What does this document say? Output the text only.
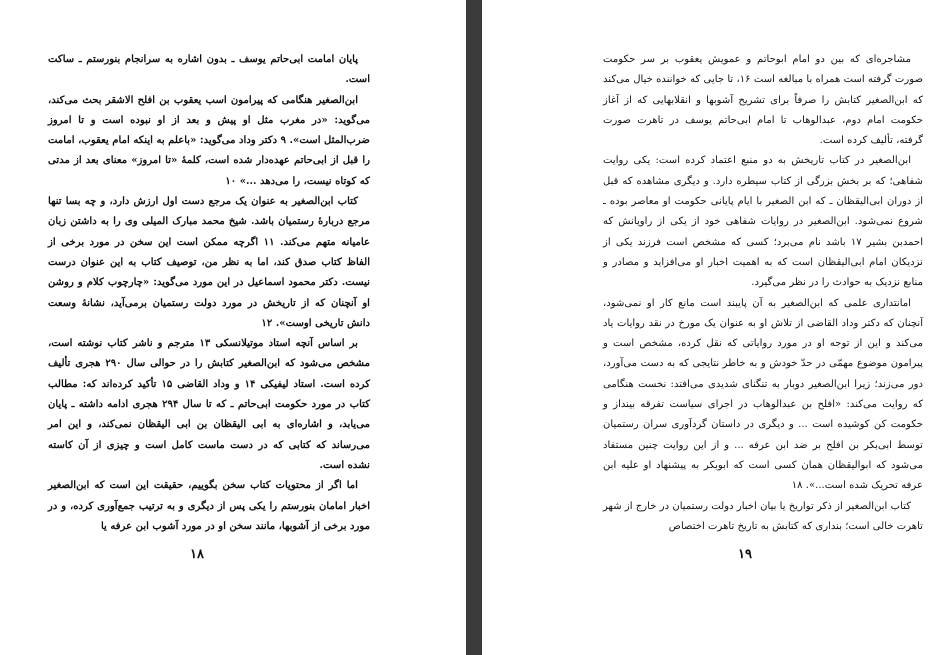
پایان امامت ابی‌حاتم یوسف ـ بدون اشاره به سرانجام بنورستم ـ ساکت است.

ابن‌الصغیر هنگامی که پیرامون اسب یعقوب بن افلح الاشقر بحث می‌کند، می‌گوید: «در مغرب مثل او پیش و بعد از او نبوده است و تا امروز ضرب‌المثل است». ۹ دکتر وداد می‌گوید: «باعلم به اینکه امام یعقوب، امامت را قبل از ابی‌حاتم عهده‌دار شده است، کلمهٔ «تا امروز» معنای بعد از مدتی که کوتاه نیست، را می‌دهد ...» ۱۰

کتاب ابن‌الصغیر به عنوان یک مرجع دست اول ارزش دارد، و چه بسا تنها مرجع دربارهٔ رستمیان باشد. شیخ محمد مبارک المیلی وی را به داشتن زبان عامیانه متهم می‌کند. ۱۱ اگرچه ممکن است این سخن در مورد برخی از الفاظ کتاب صدق کند، اما به نظر من، توصیف کتاب به این عنوان درست نیست. دکتر محمود اسماعیل در این مورد می‌گوید: «چارچوب کلام و روشن او آنچنان که از تاریخش در مورد دولت رستمیان برمی‌آید، نشانهٔ وسعت دانش تاریخی اوست». ۱۲

بر اساس آنچه استاد موتیلانسکی ۱۳ مترجم و ناشر کتاب نوشته است، مشخص می‌شود که ابن‌الصغیر کتابش را در حوالی سال ۲۹۰ هجری تألیف کرده است. استاد لیفیکی ۱۴ و وداد القاضی ۱۵ تأکید کرده‌اند که: مطالب کتاب در مورد حکومت ابی‌حاتم ـ که تا سال ۲۹۴ هجری ادامه داشته ـ پایان می‌یابد، و اشاره‌ای به ابی الیقظان بن ابی الیقظان نمی‌کند، و این امر می‌رساند که کتابی که در دست ماست کامل است و چیزی از آن کاسته نشده است.

اما اگر از محتویات کتاب سخن بگوییم، حقیقت این است که ابن‌الصغیر اخبار امامان بنورستم را یکی پس از دیگری و به ترتیب جمع‌آوری کرده، و در مورد برخی از آشوبها، مانند سخن او در مورد آشوب ابن عرفه یا

۱۸

مشاجره‌ای که بین دو امام ابوحاتم و عمویش یعقوب بر سر حکومت صورت گرفته است همراه با مبالغه است ۱۶، تا جایی که خواننده خیال می‌کند که ابن‌الصغیر کتابش را صرفاً برای تشریح آشوبها و انقلابهایی که از آغاز حکومت امام دوم، عبدالوهاب تا امام ابی‌حاتم یوسف در تاهرت صورت گرفته، تألیف کرده است.

ابن‌الصغیر در کتاب تاریخش به دو منبع اعتماد کرده است: یکی روایت شفاهی؛ که بر بخش بزرگی از کتاب سیطره دارد. و دیگری مشاهده که قبل از دوران ابی‌الیقظان ـ که ابن الصغیر با ایام پایانی حکومت او معاصر بوده ـ شروع نمی‌شود. ابن‌الصغیر در روایات شفاهی خود از یکی از راویانش که احمدبن بشیر ۱۷ باشد نام می‌برد؛ کسی که مشخص است فرزند یکی از نزدیکان امام ابی‌الیقظان است که به اهمیت اخبار او می‌افزاید و مصادر و منابع نزدیک به حوادث را در نظر می‌گیرد.

امانتداری علمی که ابن‌الصغیر به آن پایبند است مانع کار او نمی‌شود، آنچنان که دکتر وداد القاضی از تلاش او به عنوان یک مورخ در نقد روایات یاد می‌کند و این از توجه او در مورد روایاتی که نقل کرده، مشخص است و پیرامون موضوع مهمّی در حدّ خودش و به خاطر نتایجی که به دست می‌آورد، دور می‌زند؛ زیرا ابن‌الصغیر دوبار به تنگنای شدیدی می‌افتد: نخست هنگامی که روایت می‌کند: «افلح بن عبدالوهاب در اجرای سیاست تفرقه بینداز و حکومت کن کوشیده است ... و دیگری در داستان گردآوری سران رستمیان توسط ابی‌بکر بن افلح بر ضد ابن عرفه ... و از این روایت چنین مستفاد می‌شود که ابوالیقظان همان کسی است که ابوبکر به پیشنهاد او علیه ابن عرفه تحریک شده است...». ۱۸

کتاب ابن‌الصغیر از ذکر تواریخ یا بیان اخبار دولت رستمیان در خارج از شهر تاهرت خالی است؛ بنداری که کتابش به تاریخ تاهرت اختصاص

۱۹
